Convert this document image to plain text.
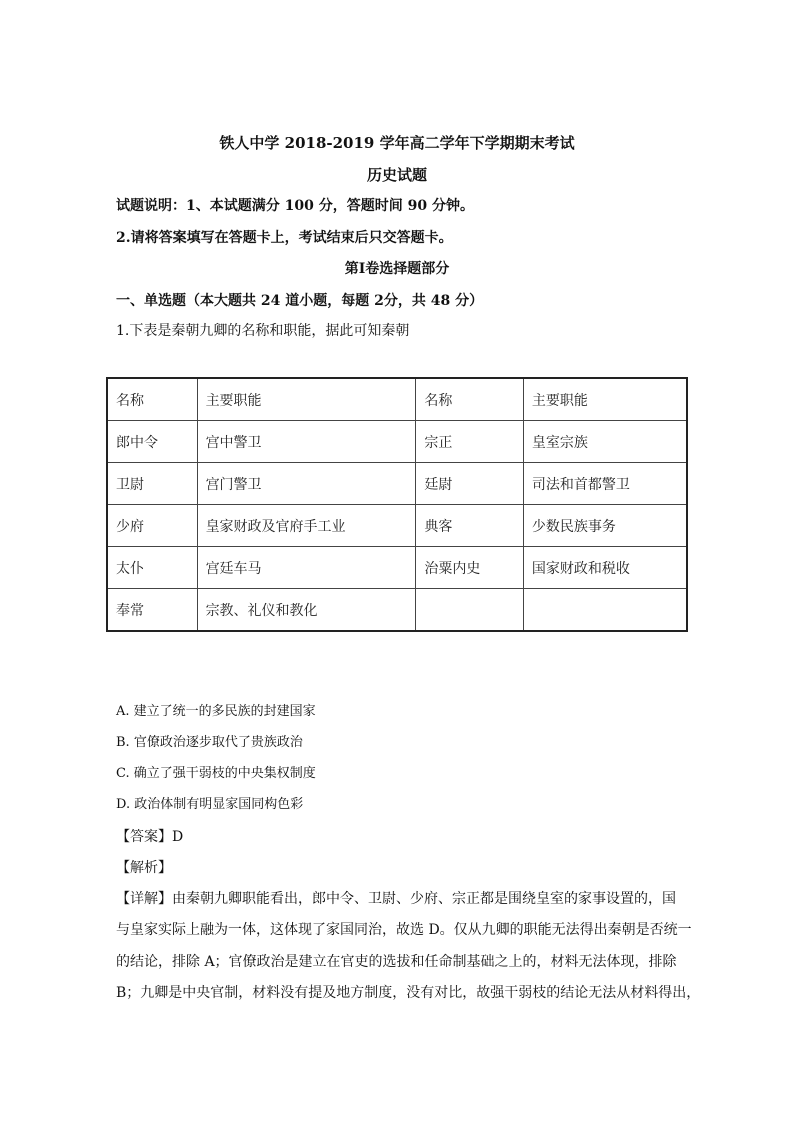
铁人中学 2018-2019 学年高二学年下学期期末考试
历史试题
试题说明：1、本试题满分 100 分，答题时间 90 分钟。
2.请将答案填写在答题卡上，考试结束后只交答题卡。
第Ⅰ卷选择题部分
一、单选题（本大题共 24 道小题，每题 2分，共 48 分）
1.下表是秦朝九卿的名称和职能，据此可知秦朝
名称	主要职能	名称	主要职能
郎中令	宫中警卫	宗正	皇室宗族
卫尉	宫门警卫	廷尉	司法和首都警卫
少府	皇家财政及官府手工业	典客	少数民族事务
太仆	宫廷车马	治粟内史	国家财政和税收
奉常	宗教、礼仪和教化		
A. 建立了统一的多民族的封建国家
B. 官僚政治逐步取代了贵族政治
C. 确立了强干弱枝的中央集权制度
D. 政治体制有明显家国同构色彩
【答案】D
【解析】
【详解】由秦朝九卿职能看出，郎中令、卫尉、少府、宗正都是围绕皇室的家事设置的，国
与皇家实际上融为一体，这体现了家国同治，故选 D。仅从九卿的职能无法得出秦朝是否统一
的结论，排除 A；官僚政治是建立在官吏的选拔和任命制基础之上的，材料无法体现，排除
B；九卿是中央官制，材料没有提及地方制度，没有对比，故强干弱枝的结论无法从材料得出，
